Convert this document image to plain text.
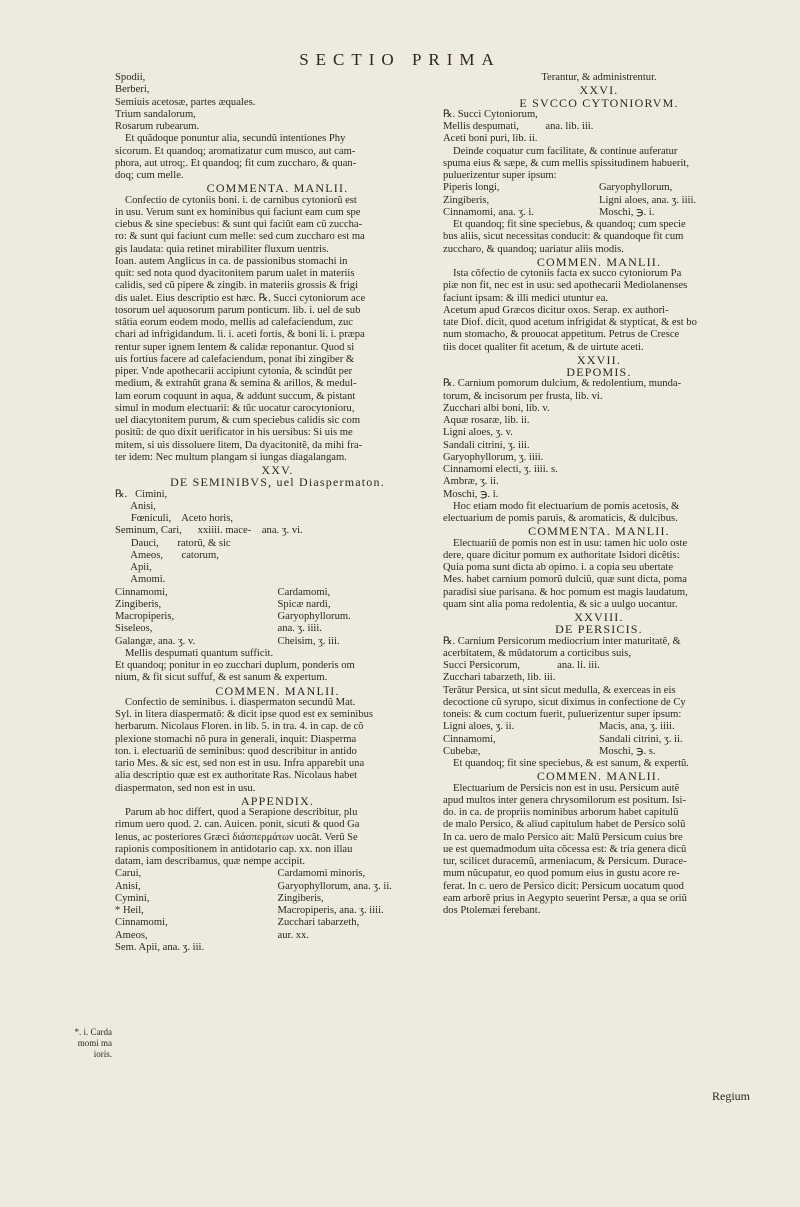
SECTIO PRIMA
Spodii,
Berberi,
Semiuis acetosæ, partes æquales.
Trium sandalorum,
Rosarum rubearum.
Et quãdoque ponuntur alia, secundũ intentiones Phy
sicorum. Et quandoq; aromatizatur cum musco, aut cam-
phora, aut utroq;. Et quandoq; fit cum zuccharo, & quan-
doq; cum melle.
COMMENTA. MANLII.
Confectio de cytoniis boni. i. de carnibus cytoniorũ est
in usu. Verum sunt ex hominibus qui faciunt eam cum spe
ciebus & sine speciebus: & sunt qui faciũt eam cũ zuccha-
ro: & sunt qui faciunt cum melle: sed cum zuccharo est ma
gis laudata: quia retinet mirabiliter fluxum uentris.
Ioan. autem Anglicus in ca. de passionibus stomachi in
quit: sed nota quod dyacitonitem parum ualet in materiis
calidis, sed cũ pipere & zingib. in materiis grossis & frigi
dis ualet. Eius descriptio est hæc. ℞. Succi cytoniorum ace
tosorum uel aquosorum parum ponticum. lib. i. uel de sub
stãtia eorum eodem modo, mellis ad calefaciendum, zuc
chari ad infrigidandum. li. i. aceti fortis, & boni li. i. præpa
rentur super ignem lentem & calidæ reponantur. Quod si
uis fortius facere ad calefaciendum, ponat ibi zingiber &
piper. Vnde apothecarii accipiunt cytonia, & scindũt per
medium, & extrahũt grana & semina & arillos, & medul-
lam eorum coquunt in aqua, & addunt succum, & pistant
simul in modum electuarii: & tũc uocatur carocytonioru,
uel diacytonitem purum, & cum speciebus calidis sic com
positũ: de quo dixit uerificator in his uersibus: Si uis me
mitem, si uis dissoluere litem, Da dyacitonitẽ, da mihi fra-
ter idem: Nec multum plangam si iungas diagalangam.
XXV.
DE SEMINIBVS, uel Diaspermaton.
℞.   Cimini,
Anisi,
Fœniculi,    Aceto horis,
Seminum, Cari,      xxiiii. mace-    ana. ʒ. vi.
Dauci,       ratorũ, & sic
Ameos,       catorum,
Apii,
Amomi.
Cinnamomi,	Cardamomi,
Zingiberis,	Spicæ nardi,
Macropiperis,	Garyophyllorum.
Siseleos,	ana. ʒ. iiii.
Galangæ, ana. ʒ. v.	Cheisim, ʒ. iii.
Mellis despumati quantum sufficit.
Et quandoq; ponitur in eo zucchari duplum, ponderis om
nium, & fit sicut suffuf, & est sanum & expertum.
COMMEN. MANLII.
Confectio de seminibus. i. diaspermaton secundũ Mat.
Syl. in litera diaspermatõ: & dicit ipse quod est ex seminibus
herbarum. Nicolaus Floren. in lib. 5. in tra. 4. in cap. de cõ
plexione stomachi nõ pura in generali, inquit: Diasperma
ton. i. electuariũ de seminibus: quod describitur in antido
tario Mes. & sic est, sed non est in usu. Infra apparebit una
alia descriptio quæ est ex authoritate Ras. Nicolaus habet
diaspermaton, sed non est in usu.
APPENDIX.
Parum ab hoc differt, quod a Serapione describitur, plu
rimum uero quod. 2. can. Auicen. ponit, sicuti & quod Ga
lenus, ac posteriores Græci διάσπερμάτων uocãt. Verũ Se
rapionis compositionem in antidotario cap. xx. non illau
datam, iam describamus, quæ nempe accipit.
Carui,	Cardamomi minoris,
Anisi,	Garyophyllorum, ana. ʒ. ii.
Cymini,	Zingiberis,
* Heil,	Macropiperis, ana. ʒ. iiii.
Cinnamomi,	Zucchari tabarzeth,
Ameos,	aur. xx.
Sem. Apii, ana. ʒ. iii.
Terantur, & administrentur.
XXVI.
E SVCCO CYTONIORVM.
℞. Succi Cytoniorum,
Mellis despumati,          ana. lib. iii.
Aceti boni puri, lib. ii.
Deinde coquatur cum facilitate, & continue auferatur
spuma eius & sæpe, & cum mellis spissitudinem habuerit,
puluerizentur super ipsum:
Piperis longi,	Garyophyllorum,
Zingiberis,	Ligni aloes, ana. ʒ. iiii.
Cinnamomi, ana. ʒ. i.	Moschi, ℈. i.
Et quandoq; fit sine speciebus, & quandoq; cum specie
bus aliis, sicut necessitas conducit: & quandoque fit cum
zuccharo, & quandoq; uariatur aliis modis.
COMMEN. MANLII.
Ista cõfectio de cytoniis facta ex succo cytoniorum Pa
piæ non fit, nec est in usu: sed apothecarii Mediolanenses
faciunt ipsam: & illi medici utuntur ea.
Acetum apud Græcos dicitur oxos. Serap. ex authori-
tate Diof. dicit, quod acetum infrigidat & stypticat, & est bo
num stomacho, & prouocat appetitum. Petrus de Cresce
tiis docet qualiter fit acetum, & de uirtute aceti.
XXVII.
DEPOMIS.
℞. Carnium pomorum dulcium, & redolentium, munda-
torum, & incisorum per frusta, lib. vi.
Zucchari albi boni, lib. v.
Aquæ rosaræ, lib. ii.
Ligni aloes, ʒ. v.
Sandali citrini, ʒ. iii.
Garyophyllorum, ʒ. iiii.
Cinnamomi electi, ʒ. iiii. s.
Ambræ, ʒ. ii.
Moschi, ℈. i.
Hoc etiam modo fit electuarium de pomis acetosis, &
electuarium de pomis paruis, & aromaticis, & dulcibus.
COMMENTA. MANLII.
Electuariũ de pomis non est in usu: tamen hic uolo oste
dere, quare dicitur pomum ex authoritate Isidori dicẽtis:
Quia poma sunt dicta ab opimo. i. a copia seu ubertate
Mes. habet carnium pomorũ dulciũ, quæ sunt dicta, poma
paradisi siue parisana. & hoc pomum est magis laudatum,
quam sint alia poma redolentia, & sic a uulgo uocantur.
XXVIII.
DE PERSICIS.
℞. Carnium Persicorum mediocrium inter maturitatẽ, &
acerbitatem, & mũdatorum a corticibus suis,
Succi Persicorum,              ana. li. iii.
Zucchari tabarzeth, lib. iii.
Terãtur Persica, ut sint sicut medulla, & exerceas in eis
decoctione cũ syrupo, sicut diximus in confectione de Cy
toneis: & cum coctum fuerit, puluerizentur super ipsum:
Ligni aloes, ʒ. ii.	Macis, ana, ʒ. iiii.
Cinnamomi,	Sandali citrini, ʒ. ii.
Cubebæ,	Moschi, ℈. s.
Et quandoq; fit sine speciebus, & est sanum, & expertũ.
COMMEN. MANLII.
Electuarium de Persicis non est in usu. Persicum autẽ
apud multos inter genera chrysomilorum est positum. Isi-
do. in ca. de propriis nominibus arborum habet capitulũ
de malo Persico, & aliud capitulum habet de Persico solũ
In ca. uero de malo Persico ait: Malũ Persicum cuius bre
ue est quemadmodum uita cõcessa est: & tria genera dicũ
tur, scilicet duracemũ, armeniacum, & Persicum. Durace-
mum nũcupatur, eo quod pomum eius in gustu acore re-
ferat. In c. uero de Persico dicit: Persicum uocatum quod
eam arborẽ prius in Aegypto seuerint Persæ, a qua se oriũ
dos Ptolemæi ferebant.
*. i. Carda
momi ma
ioris.
Regium
